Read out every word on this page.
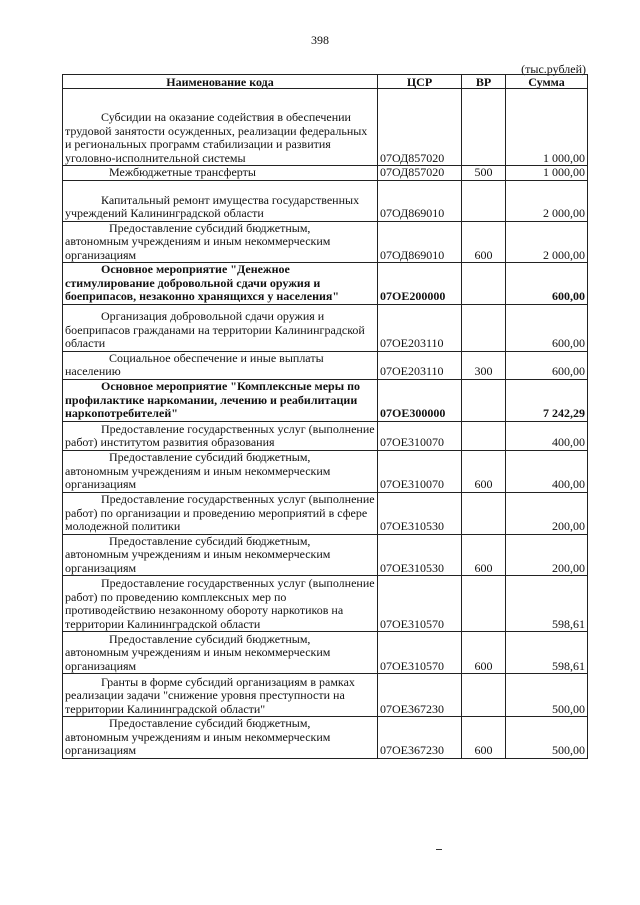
398
(тыс.рублей)
Наименование кода	ЦСР	ВР	Сумма

Субсидии на оказание содействия в обеспечении трудовой занятости осужденных, реализации федеральных и региональных программ стабилизации и развития уголовно-исполнительной системы	07ОД857020		1 000,00

Межбюджетные трансферты	07ОД857020	500	1 000,00

Капитальный ремонт имущества государственных учреждений Калининградской области	07ОД869010		2 000,00

Предоставление субсидий бюджетным, автономным учреждениям и иным некоммерческим организациям	07ОД869010	600	2 000,00

Основное мероприятие "Денежное стимулирование добровольной сдачи оружия и боеприпасов, незаконно хранящихся у населения"	07ОЕ200000		600,00

Организация добровольной сдачи оружия и боеприпасов гражданами на территории Калининградской области	07ОЕ203110		600,00

Социальное обеспечение и иные выплаты населению	07ОЕ203110	300	600,00

Основное мероприятие "Комплексные меры по профилактике наркомании, лечению и реабилитации наркопотребителей"	07ОЕ300000		7 242,29

Предоставление государственных услуг (выполнение работ) институтом развития образования	07ОЕ310070		400,00

Предоставление субсидий бюджетным, автономным учреждениям и иным некоммерческим организациям	07ОЕ310070	600	400,00

Предоставление государственных услуг (выполнение работ) по организации и проведению мероприятий в сфере молодежной политики	07ОЕ310530		200,00

Предоставление субсидий бюджетным, автономным учреждениям и иным некоммерческим организациям	07ОЕ310530	600	200,00

Предоставление государственных услуг (выполнение работ) по проведению комплексных мер по противодействию незаконному обороту наркотиков на территории Калининградской области	07ОЕ310570		598,61

Предоставление субсидий бюджетным, автономным учреждениям и иным некоммерческим организациям	07ОЕ310570	600	598,61

Гранты в форме субсидий организациям в рамках реализации задачи "снижение уровня преступности на территории Калининградской области"	07ОЕ367230		500,00

Предоставление субсидий бюджетным, автономным учреждениям и иным некоммерческим организациям	07ОЕ367230	600	500,00
